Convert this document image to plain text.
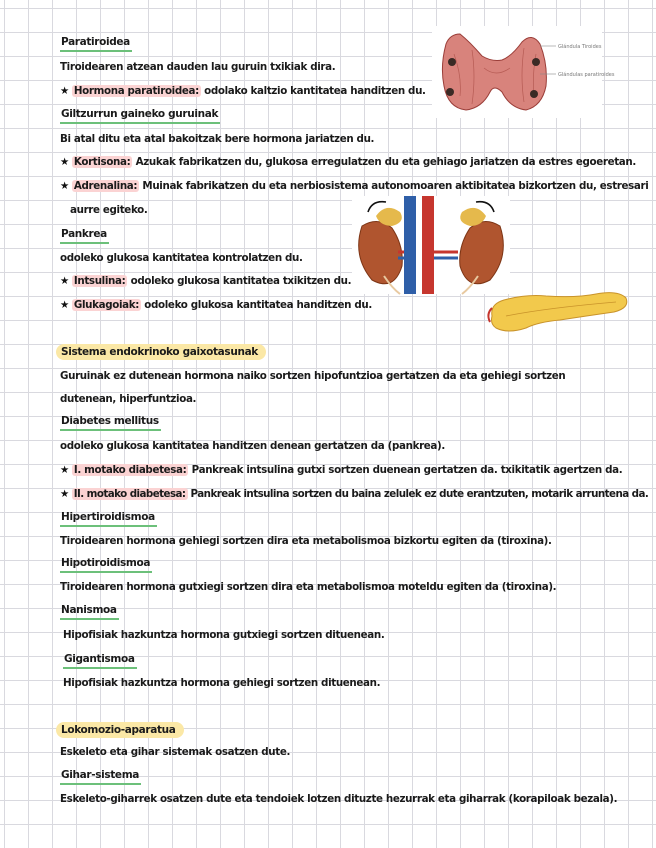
Paratiroidea
Tiroidearen atzean dauden lau guruin txikiak dira.
★ Hormona paratiroidea: odolako kaltzio kantitatea handitzen du.
Giltzurrun gaineko guruinak
Bi atal ditu eta atal bakoitzak bere hormona jariatzen du.
★ Kortisona: Azukak fabrikatzen du, glukosa erregulatzen du eta gehiago jariatzen da estres egoeretan.
★ Adrenalina: Muinak fabrikatzen du eta nerbiosistema autonomoaren aktibitatea bizkortzen du, estresari
aurre egiteko.
Pankrea
odoleko glukosa kantitatea kontrolatzen du.
★ Intsulina: odoleko glukosa kantitatea txikitzen du.
★ Glukagoiak: odoleko glukosa kantitatea handitzen du.
Sistema endokrinoko gaixotasunak
Guruinak ez dutenean hormona naiko sortzen hipofuntzioa gertatzen da eta gehiegi sortzen
dutenean, hiperfuntzioa.
Diabetes mellitus
odoleko glukosa kantitatea handitzen denean gertatzen da (pankrea).
★ I. motako diabetesa: Pankreak intsulina gutxi sortzen duenean gertatzen da. txikitatik agertzen da.
★ II. motako diabetesa: Pankreak intsulina sortzen du baina zelulek ez dute erantzuten, motarik arruntena da.
Hipertiroidismoa
Tiroidearen hormona gehiegi sortzen dira eta metabolismoa bizkortu egiten da (tiroxina).
Hipotiroidismoa
Tiroidearen hormona gutxiegi sortzen dira eta metabolismoa moteldu egiten da (tiroxina).
Nanismoa
Hipofisiak hazkuntza hormona gutxiegi sortzen dituenean.
Gigantismoa
Hipofisiak hazkuntza hormona gehiegi sortzen dituenean.
Lokomozio-aparatua
Eskeleto eta gihar sistemak osatzen dute.
Gihar-sistema
Eskeleto-giharrek osatzen dute eta tendoiek lotzen dituzte hezurrak eta giharrak (korapiloak bezala).
Glándula Tiroides
Glándulas paratiroides
